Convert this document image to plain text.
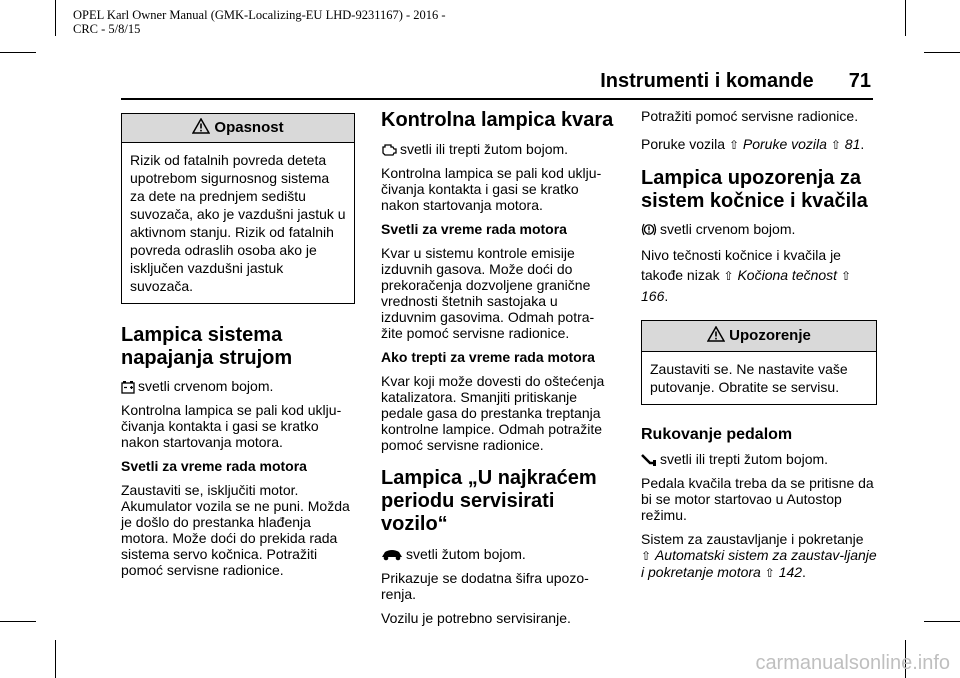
OPEL Karl Owner Manual (GMK-Localizing-EU LHD-9231167) - 2016 -
CRC - 5/8/15
Instrumenti i komande 71
Opasnost

Rizik od fatalnih povreda deteta upotrebom sigurnosnog sistema za dete na prednjem sedištu suvozača, ako je vazdušni jastuk u aktivnom stanju. Rizik od fatalnih povreda odraslih osoba ako je isključen vazdušni jastuk suvozača.

Lampica sistema napajanja strujom

svetli crvenom bojom.

Kontrolna lampica se pali kod uklju-čivanja kontakta i gasi se kratko nakon startovanja motora.

Svetli za vreme rada motora

Zaustaviti se, isključiti motor. Akumulator vozila se ne puni. Možda je došlo do prestanka hlađenja motora. Može doći do prekida rada sistema servo kočnica. Potražiti pomoć servisne radionice.

Kontrolna lampica kvara

svetli ili trepti žutom bojom.

Kontrolna lampica se pali kod uklju-čivanja kontakta i gasi se kratko nakon startovanja motora.

Svetli za vreme rada motora

Kvar u sistemu kontrole emisije izduvnih gasova. Može doći do prekoračenja dozvoljene granične vrednosti štetnih sastojaka u izduvnim gasovima. Odmah potra-žite pomoć servisne radionice.

Ako trepti za vreme rada motora

Kvar koji može dovesti do oštećenja katalizatora. Smanjiti pritiskanje pedale gasa do prestanka treptanja kontrolne lampice. Odmah potražite pomoć servisne radionice.

Lampica „U najkraćem periodu servisirati vozilo“

svetli žutom bojom.

Prikazuje se dodatna šifra upozo-renja.

Vozilu je potrebno servisiranje.

Potražiti pomoć servisne radionice.

Poruke vozila ⇧ Poruke vozila ⇧ 81.

Lampica upozorenja za sistem kočnice i kvačila

svetli crvenom bojom.

Nivo tečnosti kočnice i kvačila je takođe nizak ⇧ Kočiona tečnost ⇧ 166.

Upozorenje

Zaustaviti se. Ne nastavite vaše putovanje. Obratite se servisu.

Rukovanje pedalom

svetli ili trepti žutom bojom.

Pedala kvačila treba da se pritisne da bi se motor startovao u Autostop režimu.

Sistem za zaustavljanje i pokretanje
⇧ Automatski sistem za zaustav-ljanje i pokretanje motora ⇧ 142.

carmanualsonline.info
